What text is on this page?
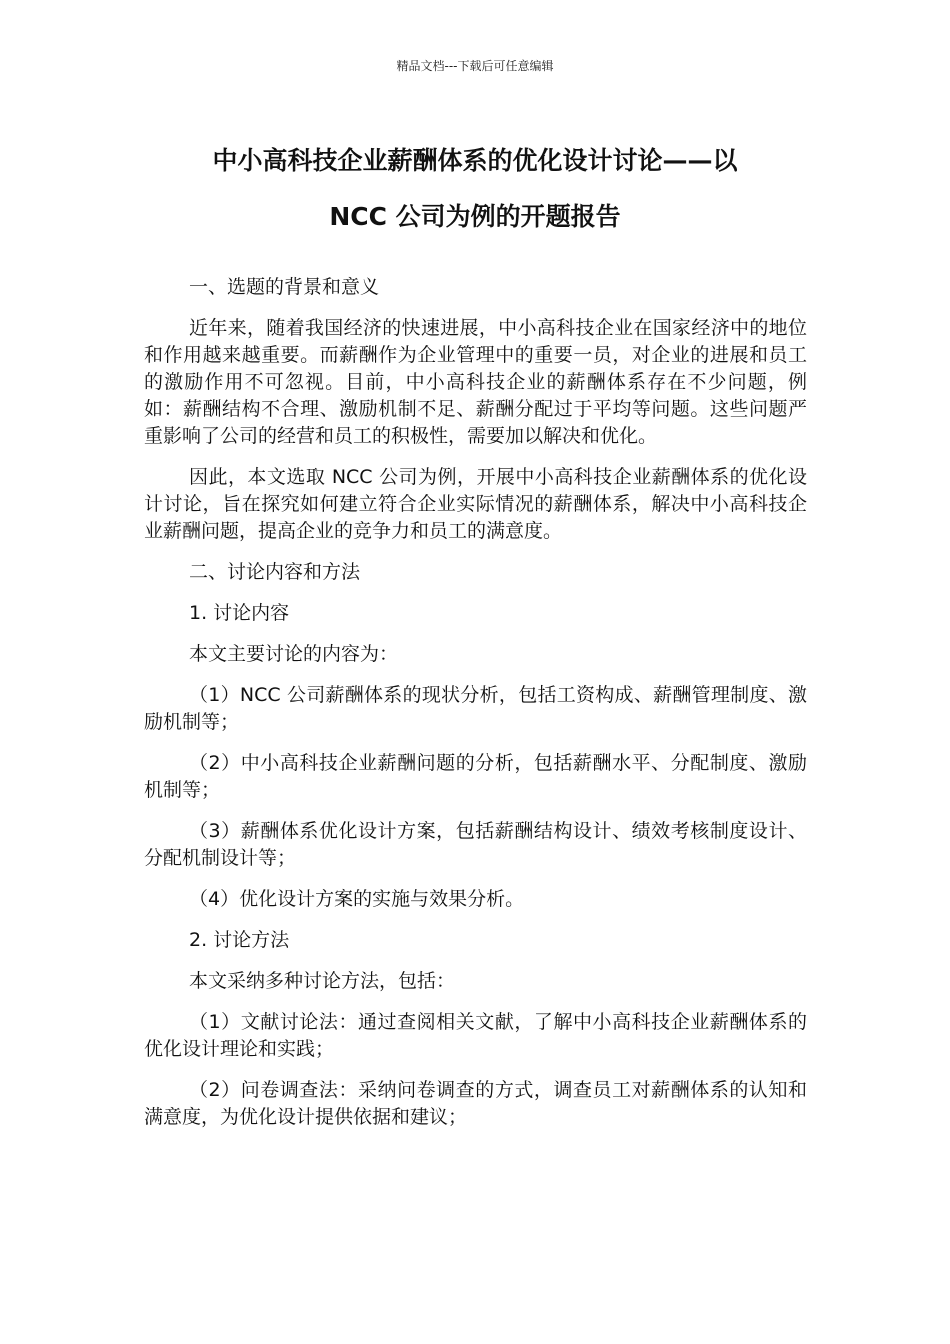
精品文档---下载后可任意编辑
中小高科技企业薪酬体系的优化设计讨论——以
NCC 公司为例的开题报告

一、选题的背景和意义

近年来，随着我国经济的快速进展，中小高科技企业在国家经济中的地位和作用越来越重要。而薪酬作为企业管理中的重要一员，对企业的进展和员工的激励作用不可忽视。目前，中小高科技企业的薪酬体系存在不少问题，例如：薪酬结构不合理、激励机制不足、薪酬分配过于平均等问题。这些问题严重影响了公司的经营和员工的积极性，需要加以解决和优化。

因此，本文选取 NCC 公司为例，开展中小高科技企业薪酬体系的优化设计讨论，旨在探究如何建立符合企业实际情况的薪酬体系，解决中小高科技企业薪酬问题，提高企业的竞争力和员工的满意度。

二、讨论内容和方法

1. 讨论内容

本文主要讨论的内容为：

（1）NCC 公司薪酬体系的现状分析，包括工资构成、薪酬管理制度、激励机制等；

（2）中小高科技企业薪酬问题的分析，包括薪酬水平、分配制度、激励机制等；

（3）薪酬体系优化设计方案，包括薪酬结构设计、绩效考核制度设计、分配机制设计等；

（4）优化设计方案的实施与效果分析。

2. 讨论方法

本文采纳多种讨论方法，包括：

（1）文献讨论法：通过查阅相关文献，了解中小高科技企业薪酬体系的优化设计理论和实践；

（2）问卷调查法：采纳问卷调查的方式，调查员工对薪酬体系的认知和满意度，为优化设计提供依据和建议；
